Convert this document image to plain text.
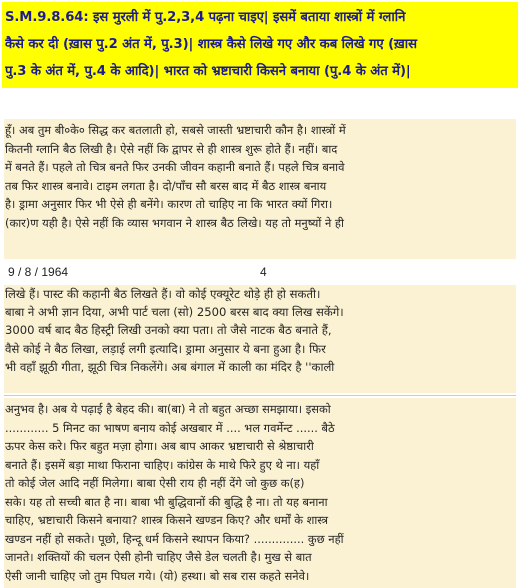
S.M.9.8.64: इस मुरली में पु.2,3,4 पढ़ना चाइए| इसमें बताया शास्त्रों में ग्लानि
कैसे कर दी (ख़ास पु.2 अंत में, पु.3)| शास्त्र कैसे लिखे गए और कब लिखे गए (ख़ास
पु.3 के अंत में, पु.4 के आदि)| भारत को भ्रष्टाचारी किसने बनाया (पु.4 के अंत में)|
हूँ। अब तुम बी०के० सिद्ध कर बतलाती हो, सबसे जास्ती भ्रष्टाचारी कौन है। शास्त्रों में
कितनी ग्लानि बैठ लिखी है। ऐसे नहीं कि द्वापर से ही शास्त्र शुरू होते हैं। नहीं। बाद
में बनते हैं। पहले तो चित्र बनते फिर उनकी जीवन कहानी बनाते हैं। पहले चित्र बनावे
तब फिर शास्त्र बनावे। टाइम लगता है। दो/पाँच सौ बरस बाद में बैठ शास्त्र बनाय
है। ड्रामा अनुसार फिर भी ऐसे ही बनेंगे। कारण तो चाहिए ना कि भारत क्यों गिरा।
(कार)ण यही है। ऐसे नहीं कि व्यास भगवान ने शास्त्र बैठ लिखे। यह तो मनुष्यों ने ही
9 / 8 / 1964	4
लिखे हैं। पास्ट की कहानी बैठ लिखते हैं। वो कोई एक्यूरेट थोड़े ही हो सकती।
बाबा ने अभी ज्ञान दिया, अभी पार्ट चला (सो) 2500 बरस बाद क्या लिख सकेंगे।
3000 वर्ष बाद बैठ हिस्ट्री लिखी उनको क्या पता। तो जैसे नाटक बैठ बनाते हैं,
वैसे कोई ने बैठ लिखा, लड़ाई लगी इत्यादि। ड्रामा अनुसार ये बना हुआ है। फिर
भी वहाँ झूठी गीता, झूठी चित्र निकलेंगे। अब बंगाल में काली का मंदिर है ''काली
अनुभव है। अब ये पढ़ाई है बेहद की। बा(बा) ने तो बहुत अच्छा समझाया। इसको
............ 5 मिनट का भाषण बनाय कोई अखबार में .... भल गवर्मेन्ट ...... बैठे
ऊपर केस करे। फिर बहुत मज़ा होगा। अब बाप आकर भ्रष्टाचारी से श्रेष्ठाचारी
बनाते हैं। इसमें बड़ा माथा फिराना चाहिए। कांग्रेस के माथे फिरे हुए थे ना। यहाँ
तो कोई जेल आदि नहीं मिलेगा। बाबा ऐसी राय ही नहीं देंगे जो कुछ क(ह)
सके। यह तो सच्ची बात है ना। बाबा भी बुद्धिवानों की बुद्धि है ना। तो यह बनाना
चाहिए, भ्रष्टाचारी किसने बनाया? शास्त्र किसने खण्डन किए? और धर्मों के शास्त्र
खण्डन नहीं हो सकते। पूछो, हिन्दू धर्म किसने स्थापन किया? .............. कुछ नहीं
जानते। शक्तियों की चलन ऐसी होनी चाहिए जैसे डेल चलती है। मुख से बात
ऐसी जानी चाहिए जो तुम पिघल गये। (यो) हस्था। बो सब रास कहते सनेवे।
